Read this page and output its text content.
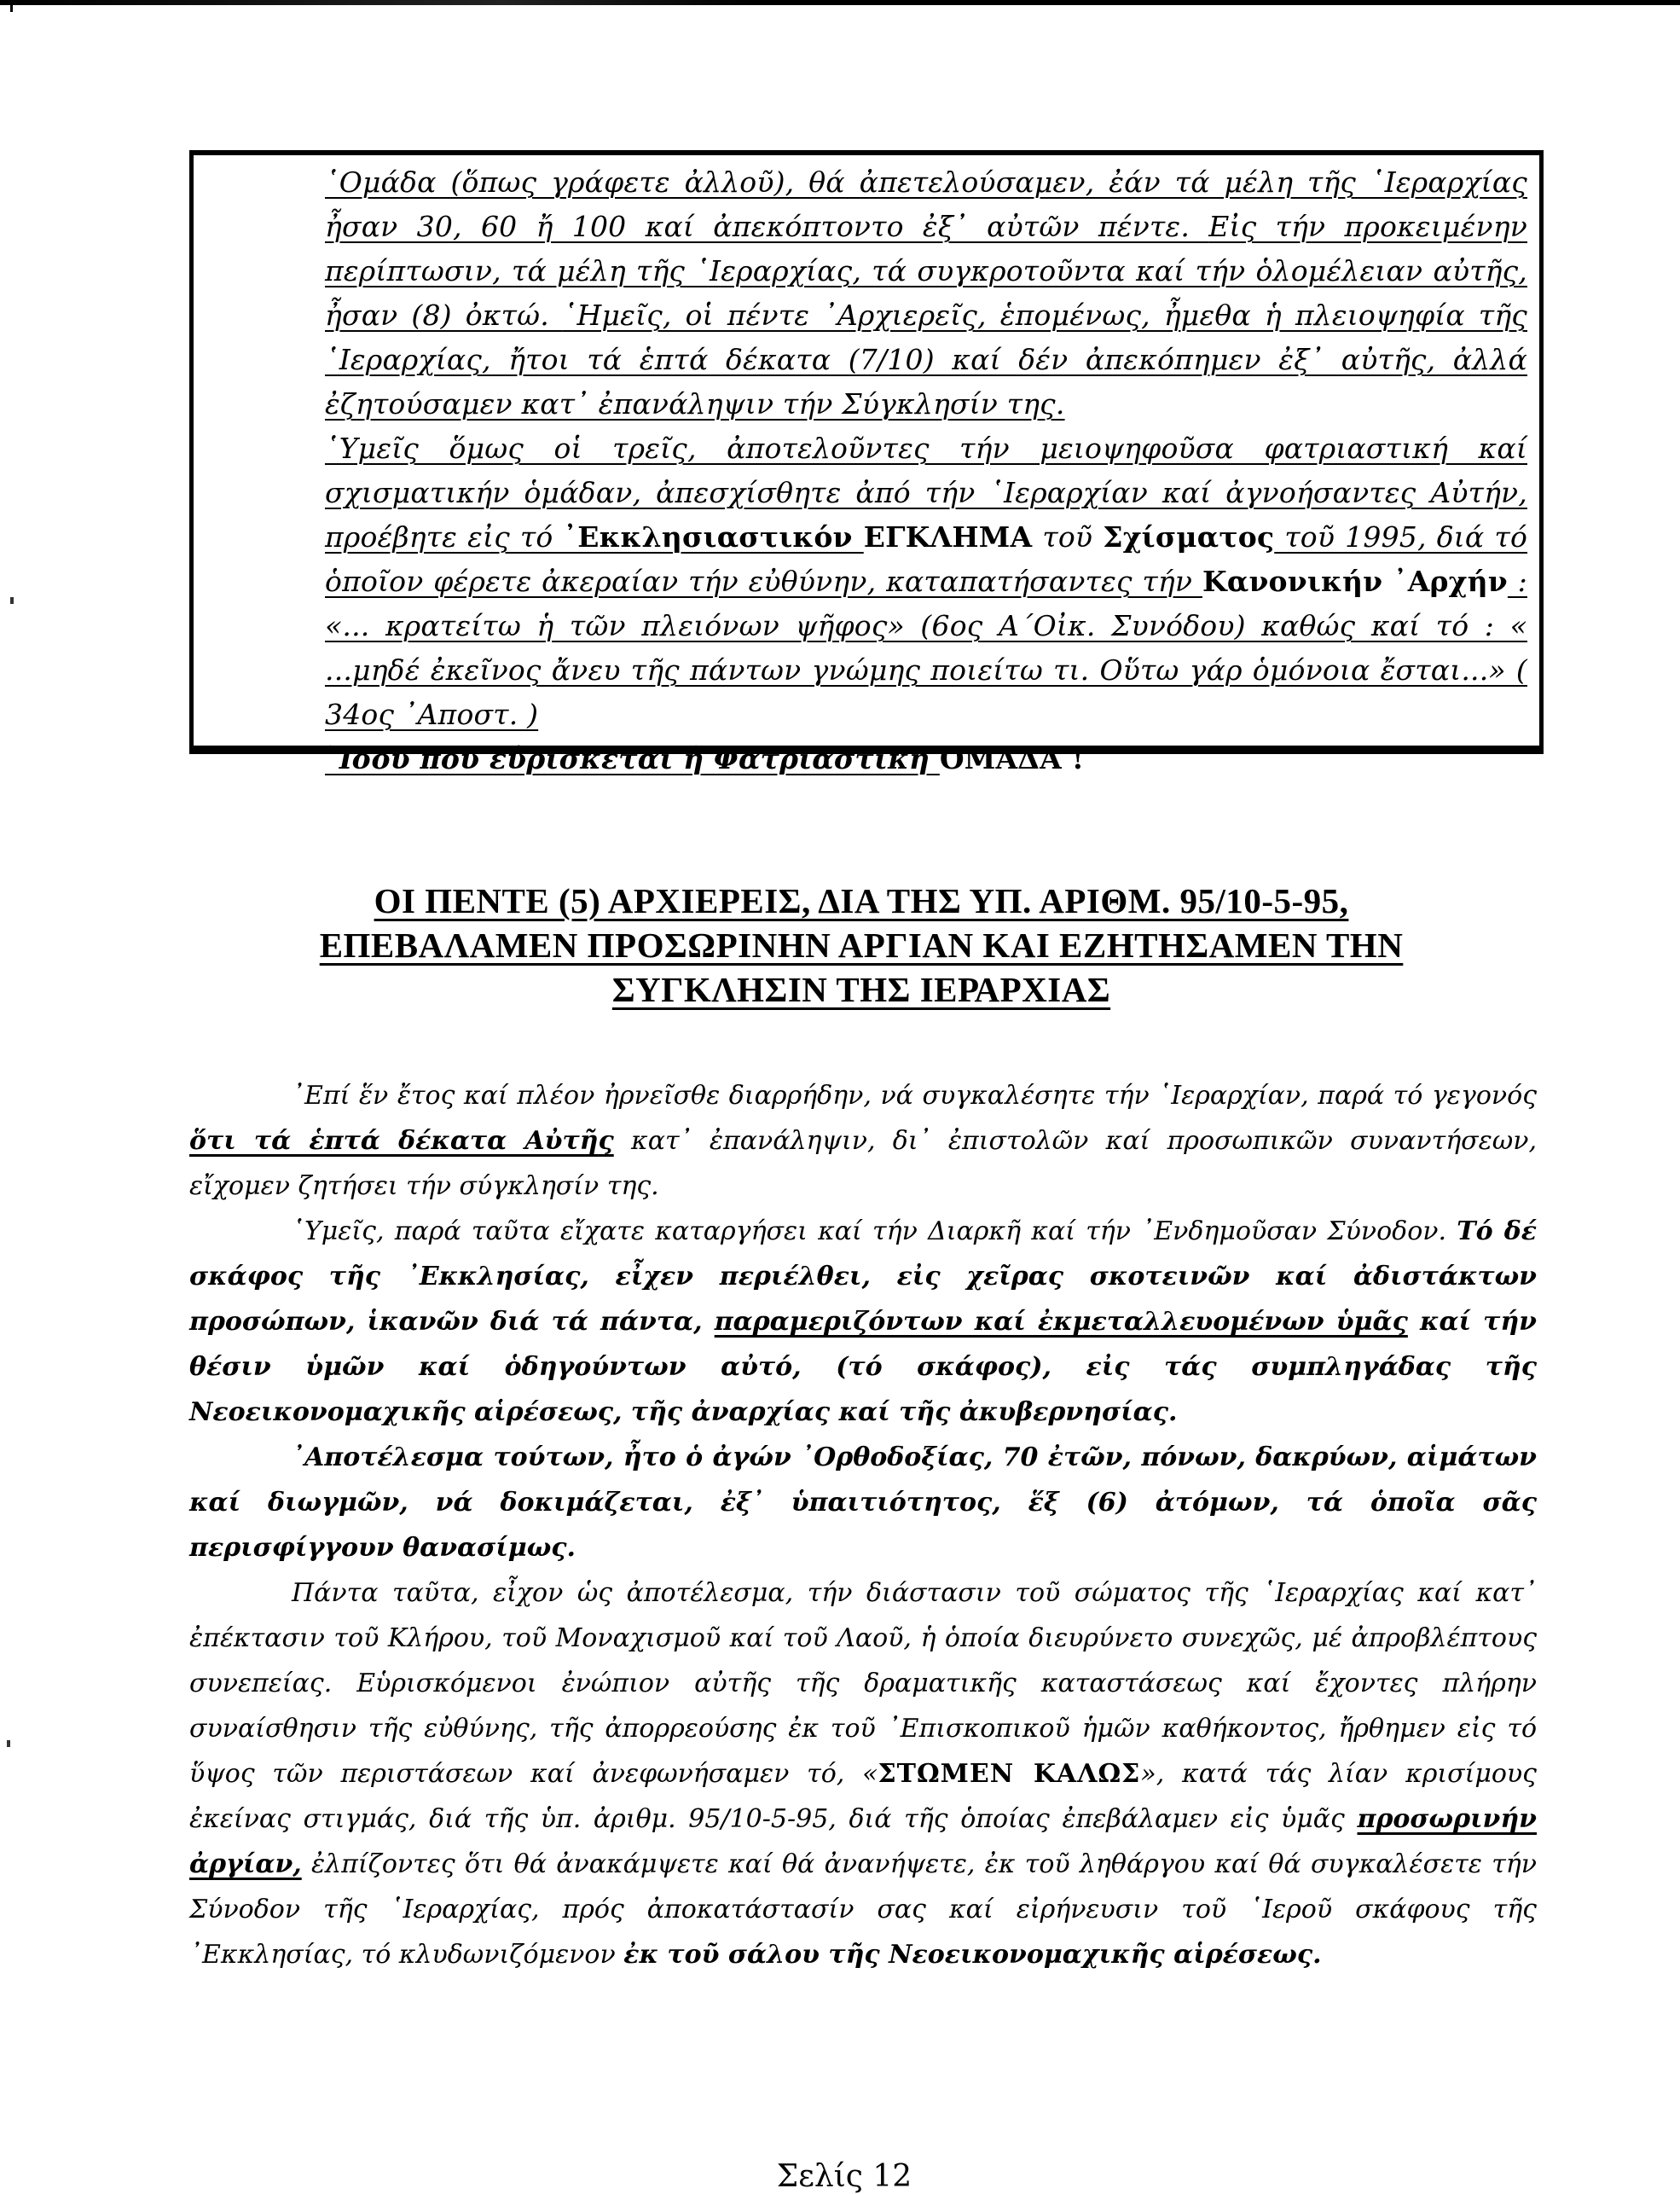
῾Ομάδα (ὅπως γράφετε ἀλλοῦ), θά ἀπετελούσαμεν, ἐάν τά μέλη τῆς ῾Ιεραρχίας ἦσαν 30, 60 ἤ 100 καί ἀπεκόπτοντο ἐξ᾽ αὐτῶν πέντε. Εἰς τήν προκειμένην περίπτωσιν, τά μέλη τῆς ῾Ιεραρχίας, τά συγκροτοῦντα καί τήν ὁλομέλειαν αὐτῆς, ἦσαν (8) ὀκτώ. ῾Ημεῖς, οἱ πέντε ᾽Αρχιερεῖς, ἑπομένως, ἦμεθα ἡ πλειοψηφία τῆς ῾Ιεραρχίας, ἤτοι τά ἑπτά δέκατα (7/10) καί δέν ἀπεκόπημεν ἐξ᾽ αὐτῆς, ἀλλά ἐζητούσαμεν κατ᾽ ἐπανάληψιν τήν Σύγκλησίν της.

῾Υμεῖς ὅμως οἱ τρεῖς, ἀποτελοῦντες τήν μειοψηφοῦσα φατριαστική καί σχισματικήν ὁμάδαν, ἀπεσχίσθητε ἀπό τήν ῾Ιεραρχίαν καί ἀγνοήσαντες Αὐτήν, προέβητε εἰς τό ᾽Εκκλησιαστικόν ΕΓΚΛΗΜΑ τοῦ Σχίσματος τοῦ 1995, διά τό ὁποῖον φέρετε ἀκεραίαν τήν εὐθύνην, καταπατήσαντες τήν Κανονικήν ᾽Αρχήν : «... κρατείτω ἡ τῶν πλειόνων ψῆφος» (6ος Α´Οἰκ. Συνόδου) καθώς καί τό : « ...μηδέ ἐκεῖνος ἄνευ τῆς πάντων γνώμης ποιείτω τι. Οὕτω γάρ ὁμόνοια ἔσται...» ( 34ος ᾽Αποστ. )

῎Ιδού πού εὑρίσκεται ἡ Φατριαστική ΟΜΑΔΑ !

ΟΙ ΠΕΝΤΕ (5) ΑΡΧΙΕΡΕΙΣ, ΔΙΑ ΤΗΣ ΥΠ. ΑΡΙΘΜ. 95/10-5-95,
ΕΠΕΒΑΛΑΜΕΝ ΠΡΟΣΩΡΙΝΗΝ ΑΡΓΙΑΝ ΚΑΙ ΕΖΗΤΗΣΑΜΕΝ ΤΗΝ
ΣΥΓΚΛΗΣΙΝ ΤΗΣ ΙΕΡΑΡΧΙΑΣ

᾽Επί ἕν ἔτος καί πλέον ἠρνεῖσθε διαρρήδην, νά συγκαλέσητε τήν ῾Ιεραρχίαν, παρά τό γεγονός ὅτι τά ἑπτά δέκατα Αὐτῆς κατ᾽ ἐπανάληψιν, δι᾽ ἐπιστολῶν καί προσωπικῶν συναντήσεων, εἴχομεν ζητήσει τήν σύγκλησίν της.

῾Υμεῖς, παρά ταῦτα εἴχατε καταργήσει καί τήν Διαρκῆ καί τήν ᾽Ενδημοῦσαν Σύνοδον. Τό δέ σκάφος τῆς ᾽Εκκλησίας, εἶχεν περιέλθει, εἰς χεῖρας σκοτεινῶν καί ἀδιστάκτων προσώπων, ἱκανῶν διά τά πάντα, παραμεριζόντων καί ἐκμεταλλευομένων ὑμᾶς καί τήν θέσιν ὑμῶν καί ὁδηγούντων αὐτό, (τό σκάφος), εἰς τάς συμπληγάδας τῆς Νεοεικονομαχικῆς αἱρέσεως, τῆς ἀναρχίας καί τῆς ἀκυβερνησίας.

᾽Αποτέλεσμα τούτων, ἦτο ὁ ἀγών ᾽Ορθοδοξίας, 70 ἐτῶν, πόνων, δακρύων, αἱμάτων καί διωγμῶν, νά δοκιμάζεται, ἐξ᾽ ὑπαιτιότητος, ἕξ (6) ἀτόμων, τά ὁποῖα σᾶς περισφίγγουν θανασίμως.

Πάντα ταῦτα, εἶχον ὡς ἀποτέλεσμα, τήν διάστασιν τοῦ σώματος τῆς ῾Ιεραρχίας καί κατ᾽ ἐπέκτασιν τοῦ Κλήρου, τοῦ Μοναχισμοῦ καί τοῦ Λαοῦ, ἡ ὁποία διευρύνετο συνεχῶς, μέ ἀπροβλέπτους συνεπείας. Εὑρισκόμενοι ἐνώπιον αὐτῆς τῆς δραματικῆς καταστάσεως καί ἔχοντες πλήρην συναίσθησιν τῆς εὐθύνης, τῆς ἀπορρεούσης ἐκ τοῦ ᾽Επισκοπικοῦ ἡμῶν καθήκοντος, ἤρθημεν εἰς τό ὕψος τῶν περιστάσεων καί ἀνεφωνήσαμεν τό, «ΣΤΩΜΕΝ ΚΑΛΩΣ», κατά τάς λίαν κρισίμους ἐκείνας στιγμάς, διά τῆς ὑπ. ἀριθμ. 95/10-5-95, διά τῆς ὁποίας ἐπεβάλαμεν εἰς ὑμᾶς προσωρινήν ἀργίαν, ἐλπίζοντες ὅτι θά ἀνακάμψετε καί θά ἀνανήψετε, ἐκ τοῦ ληθάργου καί θά συγκαλέσετε τήν Σύνοδον τῆς ῾Ιεραρχίας, πρός ἀποκατάστασίν σας καί εἰρήνευσιν τοῦ ῾Ιεροῦ σκάφους τῆς ᾽Εκκλησίας, τό κλυδωνιζόμενον ἐκ τοῦ σάλου τῆς Νεοεικονομαχικῆς αἱρέσεως.

Σελίς 12
